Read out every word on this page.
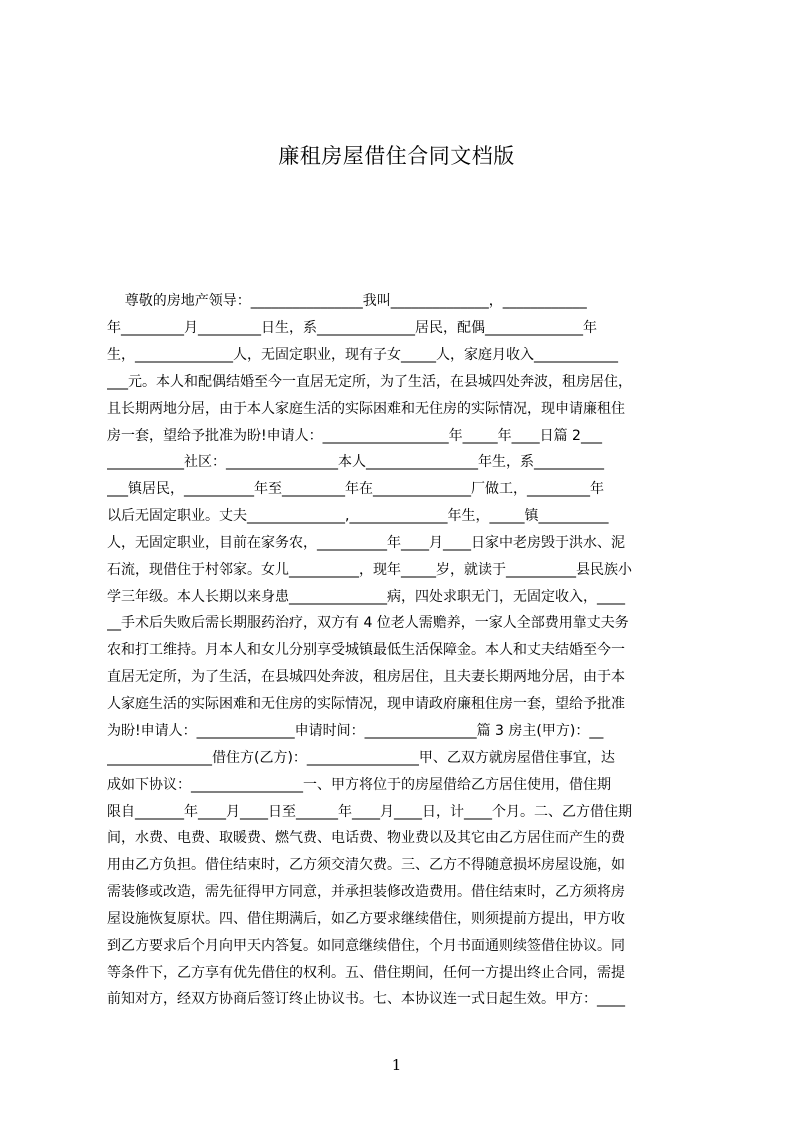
廉租房屋借住合同文档版
尊敬的房地产领导：________________我叫______________，____________
年_________月_________日生，系______________居民，配偶______________年
生，______________人，无固定职业，现有子女_____人，家庭月收入____________
___元。本人和配偶结婚至今一直居无定所，为了生活，在县城四处奔波，租房居住，
且长期两地分居，由于本人家庭生活的实际困难和无住房的实际情况，现申请廉租住
房一套，望给予批准为盼!申请人：__________________年_____年____日篇 2___
___________社区：________________本人________________年生，系__________
___镇居民，__________年至_________年在______________厂做工，_________年
以后无固定职业。丈夫______________,______________年生，_____镇__________
人，无固定职业，目前在家务农，__________年____月____日家中老房毁于洪水、泥
石流，现借住于村邻家。女儿__________，现年_____岁，就读于__________县民族小
学三年级。本人长期以来身患______________病，四处求职无门，无固定收入，____
__手术后失败后需长期服药治疗，双方有 4 位老人需赡养，一家人全部费用靠丈夫务
农和打工维持。月本人和女儿分别享受城镇最低生活保障金。本人和丈夫结婚至今一
直居无定所，为了生活，在县城四处奔波，租房居住，且夫妻长期两地分居，由于本
人家庭生活的实际困难和无住房的实际情况，现申请政府廉租住房一套，望给予批准
为盼!申请人：______________申请时间：________________篇 3 房主(甲方)：__
_______________借住方(乙方)：________________甲、乙双方就房屋借住事宜，达
成如下协议：________________一、甲方将位于的房屋借给乙方居住使用，借住期
限自_______年____月____日至______年____月____日，计____个月。二、乙方借住期
间，水费、电费、取暖费、燃气费、电话费、物业费以及其它由乙方居住而产生的费
用由乙方负担。借住结束时，乙方须交清欠费。三、乙方不得随意损坏房屋设施，如
需装修或改造，需先征得甲方同意，并承担装修改造费用。借住结束时，乙方须将房
屋设施恢复原状。四、借住期满后，如乙方要求继续借住，则须提前方提出，甲方收
到乙方要求后个月向甲天内答复。如同意继续借住，个月书面通则续签借住协议。同
等条件下，乙方享有优先借住的权利。五、借住期间，任何一方提出终止合同，需提
前知对方，经双方协商后签订终止协议书。七、本协议连一式日起生效。甲方：____
1
